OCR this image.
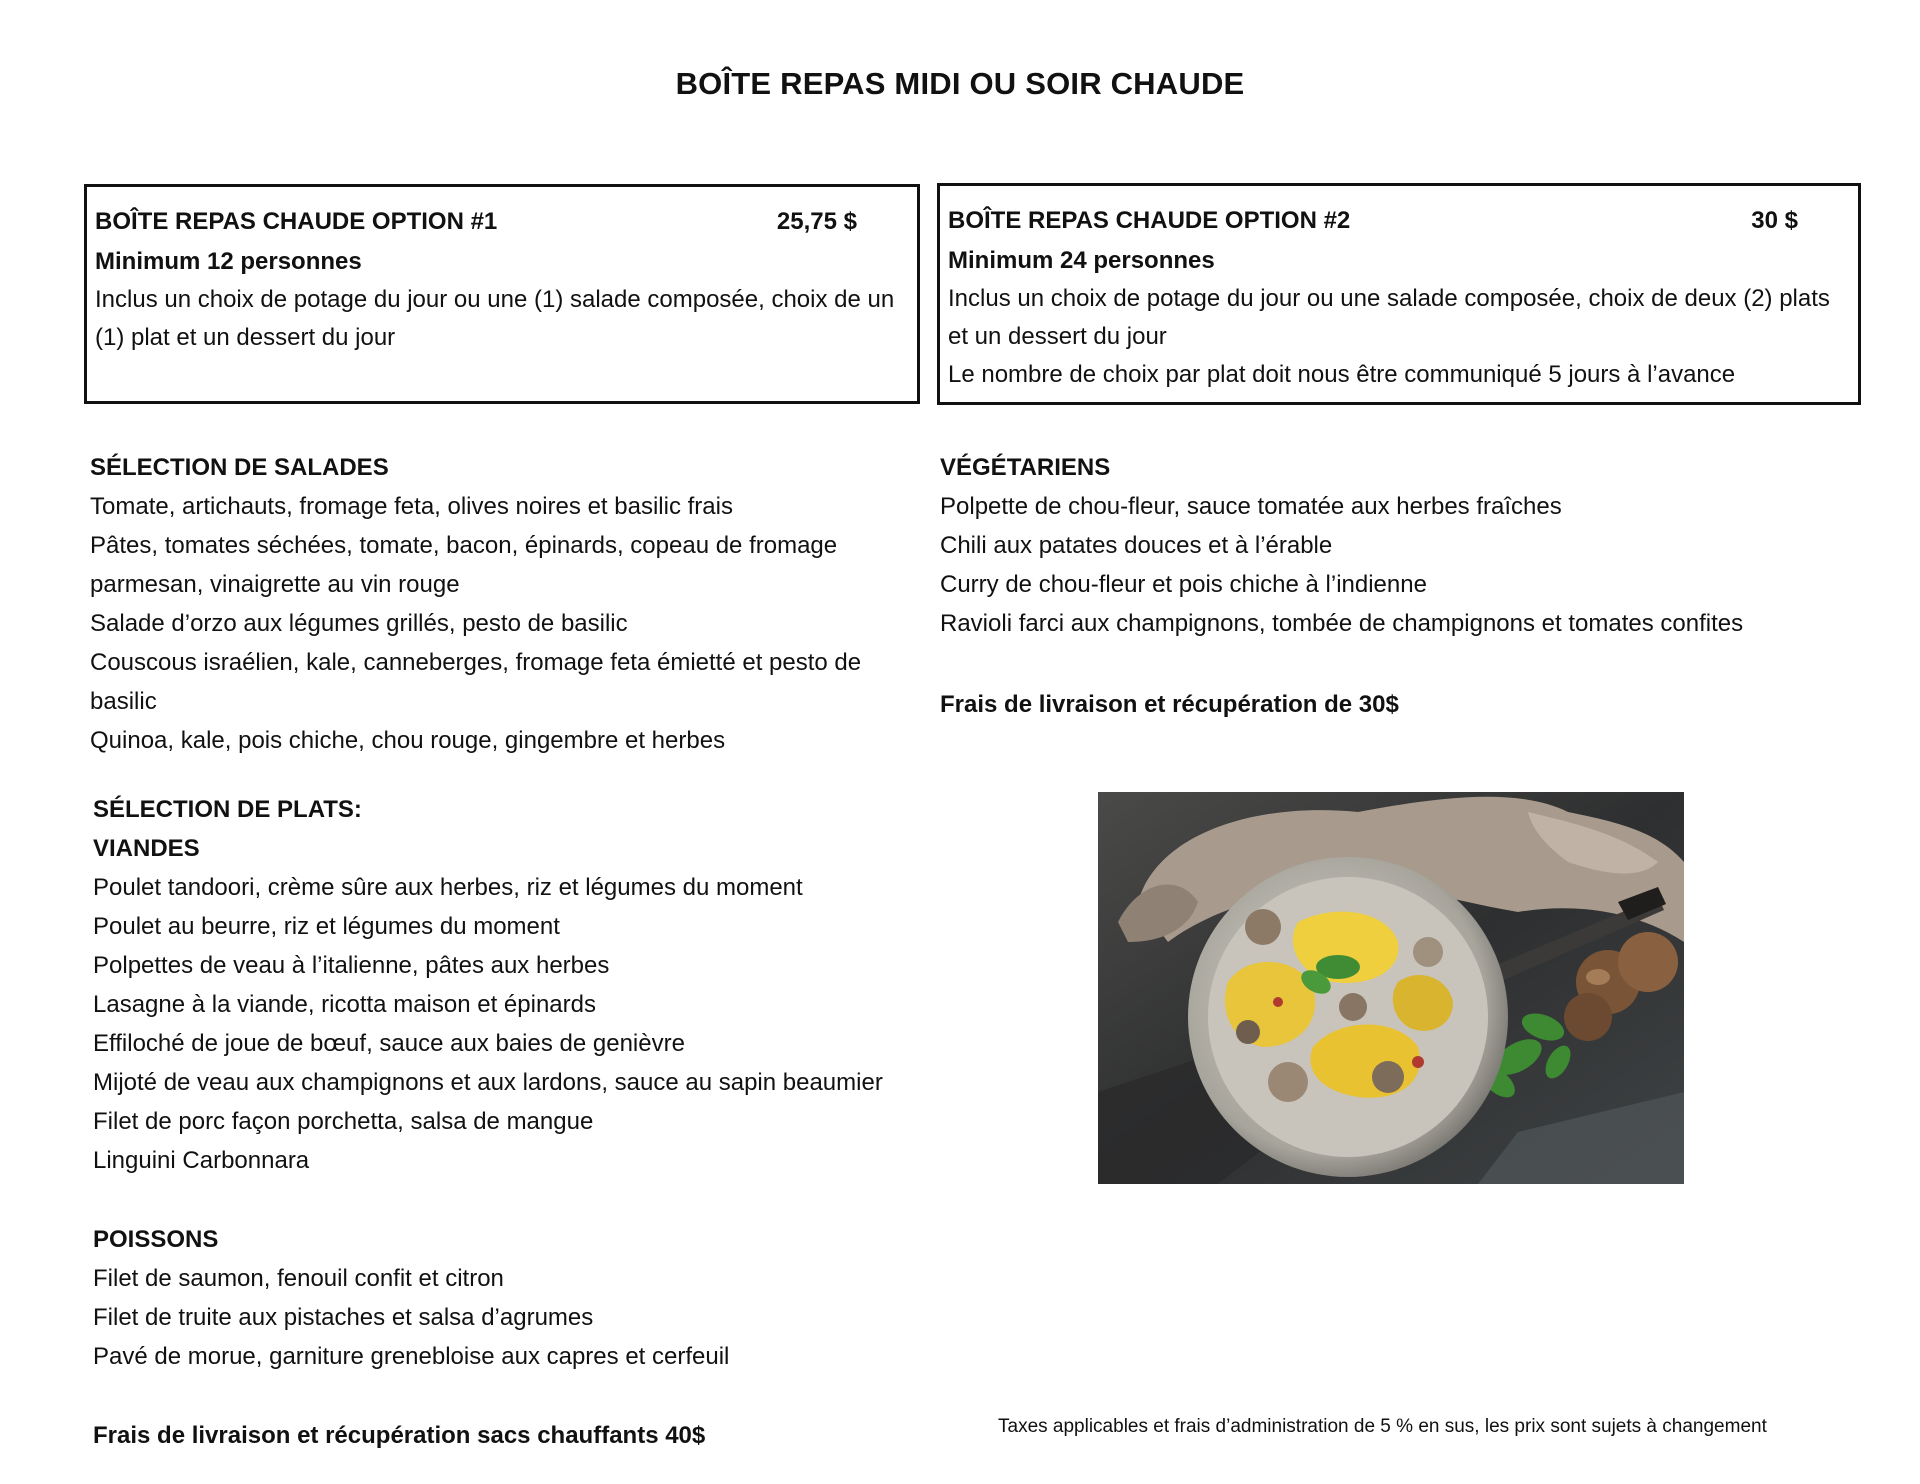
BOÎTE REPAS MIDI OU SOIR CHAUDE
BOÎTE REPAS CHAUDE OPTION #1	25,75 $
Minimum 12 personnes
Inclus un choix de potage du jour ou une (1) salade composée, choix de un
(1) plat et un dessert du jour
BOÎTE REPAS CHAUDE OPTION #2	30 $
Minimum 24 personnes
Inclus un choix de potage du jour ou une salade composée, choix de deux (2) plats
et un dessert du jour
Le nombre de choix par plat doit nous être communiqué 5 jours à l’avance
SÉLECTION DE SALADES
Tomate, artichauts, fromage feta, olives noires et basilic frais
Pâtes, tomates séchées, tomate, bacon, épinards, copeau de fromage
parmesan, vinaigrette au vin rouge
Salade d’orzo aux légumes grillés, pesto de basilic
Couscous israélien, kale, canneberges, fromage feta émietté et pesto de
basilic
Quinoa, kale, pois chiche, chou rouge, gingembre et herbes
VÉGÉTARIENS
Polpette de chou-fleur, sauce tomatée aux herbes fraîches
Chili aux patates douces et à l’érable
Curry de chou-fleur et pois chiche à l’indienne
Ravioli farci aux champignons, tombée de champignons et tomates confites
Frais de livraison et récupération de 30$
SÉLECTION DE PLATS:
VIANDES
Poulet tandoori, crème sûre aux herbes, riz et légumes du moment
Poulet au beurre, riz et légumes du moment
Polpettes de veau à l’italienne, pâtes aux herbes
Lasagne à la viande, ricotta maison et épinards
Effiloché de joue de bœuf, sauce aux baies de genièvre
Mijoté de veau aux champignons et aux lardons, sauce au sapin beaumier
Filet de porc façon porchetta, salsa de mangue
Linguini Carbonnara
POISSONS
Filet de saumon, fenouil confit et citron
Filet de truite aux pistaches et salsa d’agrumes
Pavé de morue, garniture grenebloise aux capres et cerfeuil
Frais de livraison et récupération sacs chauffants 40$	Taxes applicables et frais d’administration de 5 % en sus, les prix sont sujets à changement
